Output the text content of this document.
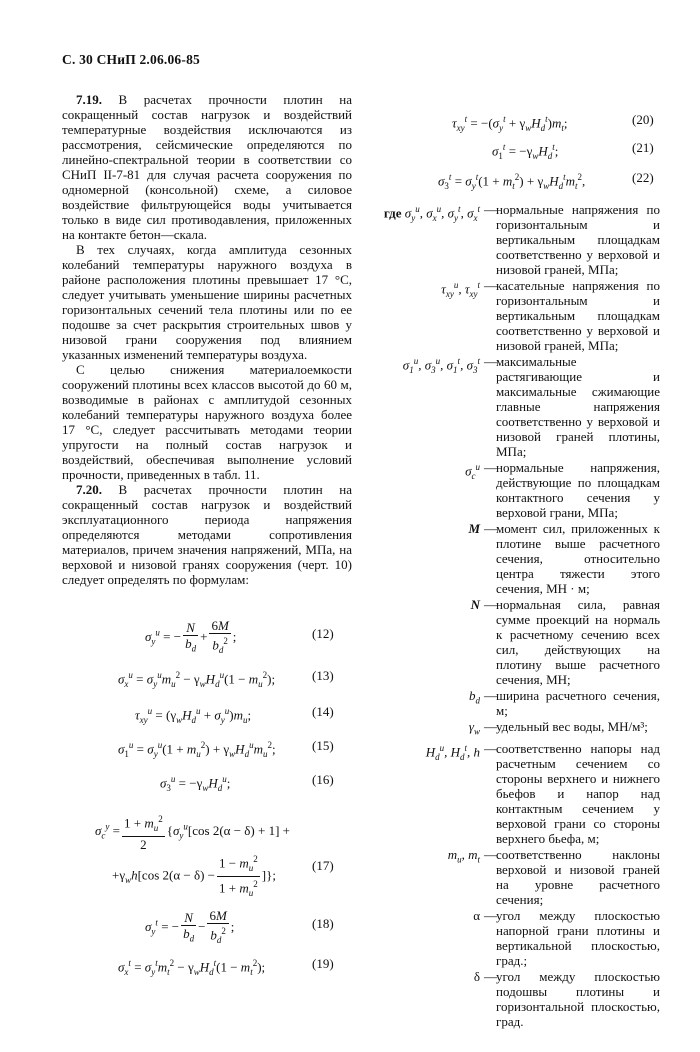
С. 30 СНиП 2.06.06-85

7.19. В расчетах прочности плотин на сокращенный состав нагрузок и воздействий температурные воздействия исключаются из рассмотрения, сейсмические определяются по линейно-спектральной теории в соответствии со СНиП II-7-81 для случая расчета сооружения по одномерной (консольной) схеме, а силовое воздействие фильтрующейся воды учитывается только в виде сил противодавления, приложенных на контакте бетон—скала.

В тех случаях, когда амплитуда сезонных колебаний температуры наружного воздуха в районе расположения плотины превышает 17 °С, следует учитывать уменьшение ширины расчетных горизонтальных сечений тела плотины или по ее подошве за счет раскрытия строительных швов у низовой грани сооружения под влиянием указанных изменений температуры воздуха.

С целью снижения материалоемкости сооружений плотины всех классов высотой до 60 м, возводимые в районах с амплитудой сезонных колебаний температуры наружного воздуха более 17 °С, следует рассчитывать методами теории упругости на полный состав нагрузок и воздействий, обеспечивая выполнение условий прочности, приведенных в табл. 11.

7.20. В расчетах прочности плотин на сокращенный состав нагрузок и воздействий эксплуатационного периода напряжения определяются методами сопротивления материалов, причем значения напряжений, МПа, на верховой и низовой гранях сооружения (черт. 10) следует определять по формулам:

$\sigma_y^u$ = − $\frac{N}{b_d} + \frac{6M}{b_d^2}$ ;	(12)
$\sigma_x^u = \sigma_y^um_u^2 - \gamma_wH_d^u(1 - m_u^2)$;	(13)
$\tau_{xy}^u = (\gamma_wH_d^u + \sigma_y^u)m_u$;	(14)
$\sigma_1^u = \sigma_y^u(1 + m_u^2) + \gamma_wH_d^um_u^2$;	(15)
$\sigma_3^u = -\gamma_wH_d^u$;	(16)
$\sigma_c^y = \frac{1 + m_u^2}{2} \{\sigma_y^u[\cos$ 2(α − δ) + 1] +
$+\gamma_wh[\cos$ $2(\alpha - \delta) - \frac{1 - m_u^2}{1 + m_u^2}$ ]};
(17)
$\sigma_y^t$ = − $\frac{N}{b_d} - \frac{6M}{b_d^2}$ ;	(18)
$\sigma_x^t = \sigma_y^tm_t^2 - \gamma_wH_d^t(1 - m_t^2)$;	(19)
$\tau_{xy}^t = -(\sigma_y^t + \gamma_wH_d^t)m_t$;	(20)
$\sigma_1^t = -\gamma_wH_d^t$;	(21)
$\sigma_3^t = \sigma_y^t(1 + m_t^2) + \gamma_wH_d^tm_t^2$,	(22)
где $\sigma_y^u$, $\sigma_x^u$, $\sigma_y^t$, $\sigma_x^t$ — нормальные напряжения по горизонтальным и вертикальным площадкам соответственно у верховой и низовой граней, МПа;
$\tau_{xy}^u$, $\tau_{xy}^t$ — касательные напряжения по горизонтальным и вертикальным площадкам соответственно у верховой и низовой граней, МПа;
$\sigma_1^u$, $\sigma_3^u$, $\sigma_1^t$, $\sigma_3^t$ — максимальные растягивающие и максимальные сжимающие главные напряжения соответственно у верховой и низовой граней плотины, МПа;
$\sigma_c^u$ — нормальные напряжения, действующие по площадкам контактного сечения у верховой грани, МПа;
M — момент сил, приложенных к плотине выше расчетного сечения, относительно центра тяжести этого сечения, МН · м;
N — нормальная сила, равная сумме проекций на нормаль к расчетному сечению всех сил, действующих на плотину выше расчетного сечения, МН;
$b_d$ — ширина расчетного сечения, м;
$\gamma_w$ — удельный вес воды, МН/м³;
$H_d^u$, $H_d^t$, h — соответственно напоры над расчетным сечением со стороны верхнего и нижнего бьефов и напор над контактным сечением у верховой грани со стороны верхнего бьефа, м;
$m_u$, $m_t$ — соответственно наклоны верховой и низовой граней на уровне расчетного сечения;
α — угол между плоскостью напорной грани плотины и вертикальной плоскостью, град.;
δ — угол между плоскостью подошвы плотины и горизонтальной плоскостью, град.
